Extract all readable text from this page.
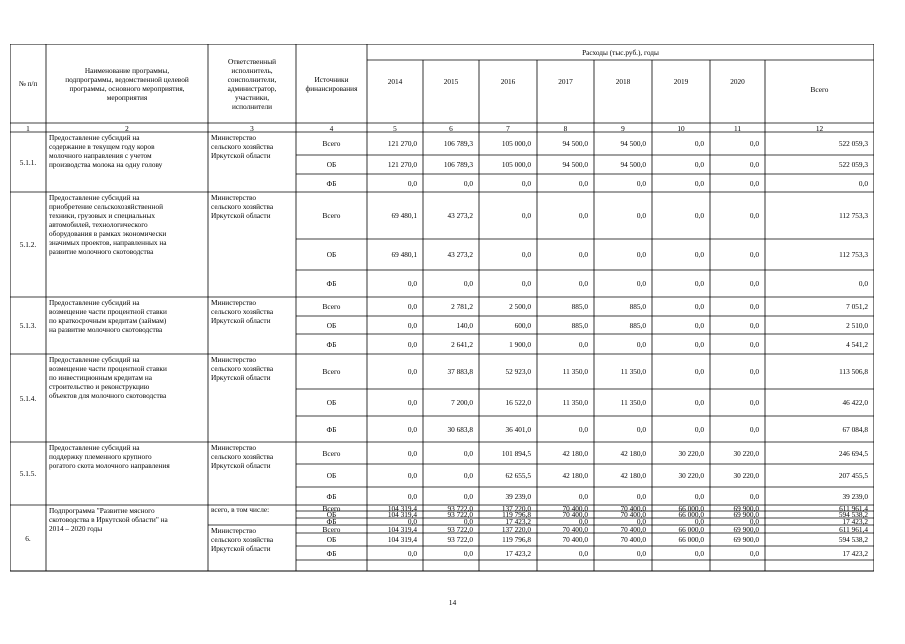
№ п/п
Наименование программы,
подпрограммы, ведомственной целевой
программы, основного мероприятия,
мероприятия
Ответственный
исполнитель,
соисполнители,
администратор,
участники,
исполнители
Источники
финансирования
Расходы (тыс.руб.), годы
2014	2015	2016	2017	2018	2019	2020
Всего
1	2	3	4	5	6	7	8	9	10	11	12
5.1.1.
Предоставление субсидий на
содержание в текущем году коров
молочного направления с учетом
производства молока на одну голову
Министерство
сельского хозяйства
Иркутской области
Всего	121 270,0	106 789,3	105 000,0	94 500,0	94 500,0	0,0	0,0	522 059,3
ОБ	121 270,0	106 789,3	105 000,0	94 500,0	94 500,0	0,0	0,0	522 059,3
ФБ	0,0	0,0	0,0	0,0	0,0	0,0	0,0	0,0
5.1.2.
Предоставление субсидий на
приобретение сельскохозяйственной
техники, грузовых и специальных
автомобилей, технологического
оборудования в рамках экономически
значимых проектов, направленных на
развитие молочного скотоводства
Министерство
сельского хозяйства
Иркутской области	Всего	69 480,1	43 273,2	0,0	0,0	0,0	0,0	0,0	112 753,3
ОБ	69 480,1	43 273,2	0,0	0,0	0,0	0,0	0,0	112 753,3
ФБ	0,0	0,0	0,0	0,0	0,0	0,0	0,0	0,0
5.1.3.
Предоставление субсидий на
возмещение части процентной ставки
по краткосрочным кредитам (займам)
на развитие молочного скотоводства
Министерство
сельского хозяйства
Иркутской области
Всего	0,0	2 781,2	2 500,0	885,0	885,0	0,0	0,0	7 051,2
ОБ	0,0	140,0	600,0	885,0	885,0	0,0	0,0	2 510,0
ФБ	0,0	2 641,2	1 900,0	0,0	0,0	0,0	0,0	4 541,2
5.1.4.
Предоставление субсидий на
возмещение части процентной ставки
по инвестиционным кредитам на
строительство и реконструкцию
объектов для молочного скотоводства
Министерство
сельского хозяйства
Иркутской области
Всего	0,0	37 883,8	52 923,0	11 350,0	11 350,0	0,0	0,0	113 506,8
ОБ	0,0	7 200,0	16 522,0	11 350,0	11 350,0	0,0	0,0	46 422,0
ФБ	0,0	30 683,8	36 401,0	0,0	0,0	0,0	0,0	67 084,8
5.1.5.
Предоставление субсидий на
поддержку племенного крупного
рогатого скота молочного направления
Министерство
сельского хозяйства
Иркутской области
Всего	0,0	0,0	101 894,5	42 180,0	42 180,0	30 220,0	30 220,0	246 694,5
ОБ	0,0	0,0	62 655,5	42 180,0	42 180,0	30 220,0	30 220,0	207 455,5
ФБ	0,0	0,0	39 239,0	0,0	0,0	0,0	0,0	39 239,0
6.
Подпрограмма "Развитие мясного
скотоводства в Иркутской области" на
2014 – 2020 годы
всего, в том числе:
Министерство
сельского хозяйства
Иркутской области
Всего	104 319,4	93 722,0	137 220,0	70 400,0	70 400,0	66 000,0	69 900,0	611 961,4
ОБ	104 319,4	93 722,0	119 796,8	70 400,0	70 400,0	66 000,0	69 900,0	594 538,2
ФБ	0,0	0,0	17 423,2	0,0	0,0	0,0	0,0	17 423,2
Всего	104 319,4	93 722,0	137 220,0	70 400,0	70 400,0	66 000,0	69 900,0	611 961,4
ОБ	104 319,4	93 722,0	119 796,8	70 400,0	70 400,0	66 000,0	69 900,0	594 538,2
ФБ	0,0	0,0	17 423,2	0,0	0,0	0,0	0,0	17 423,2
14
